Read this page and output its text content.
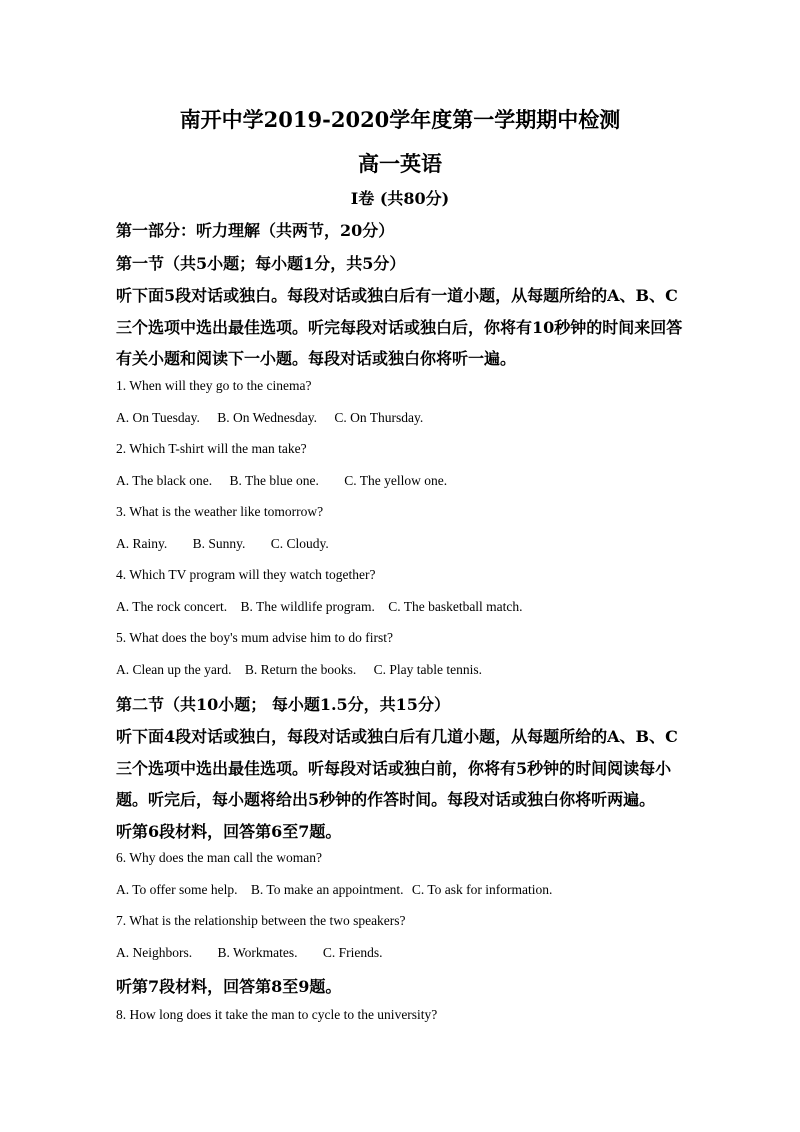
南开中学2019-2020学年度第一学期期中检测
高一英语
I卷 (共80分)
第一部分：听力理解（共两节，20分）
第一节（共5小题；每小题1分，共5分）
听下面5段对话或独白。每段对话或独白后有一道小题，从每题所给的A、B、C
三个选项中选出最佳选项。听完每段对话或独白后，你将有10秒钟的时间来回答
有关小题和阅读下一小题。每段对话或独白你将听一遍。
1. When will they go to the cinema?
A. On Tuesday. B. On Wednesday. C. On Thursday.
2. Which T-shirt will the man take?
A. The black one. B. The blue one. C. The yellow one.
3. What is the weather like tomorrow?
A. Rainy. B. Sunny. C. Cloudy.
4. Which TV program will they watch together?
A. The rock concert. B. The wildlife program. C. The basketball match.
5. What does the boy's mum advise him to do first?
A. Clean up the yard. B. Return the books. C. Play table tennis.
第二节（共10小题； 每小题1.5分，共15分）
听下面4段对话或独白，每段对话或独白后有几道小题，从每题所给的A、B、C
三个选项中选出最佳选项。听每段对话或独白前，你将有5秒钟的时间阅读每小
题。听完后，每小题将给出5秒钟的作答时间。每段对话或独白你将听两遍。
听第6段材料，回答第6至7题。
6. Why does the man call the woman?
A. To offer some help. B. To make an appointment. C. To ask for information.
7. What is the relationship between the two speakers?
A. Neighbors. B. Workmates. C. Friends.
听第7段材料，回答第8至9题。
8. How long does it take the man to cycle to the university?
